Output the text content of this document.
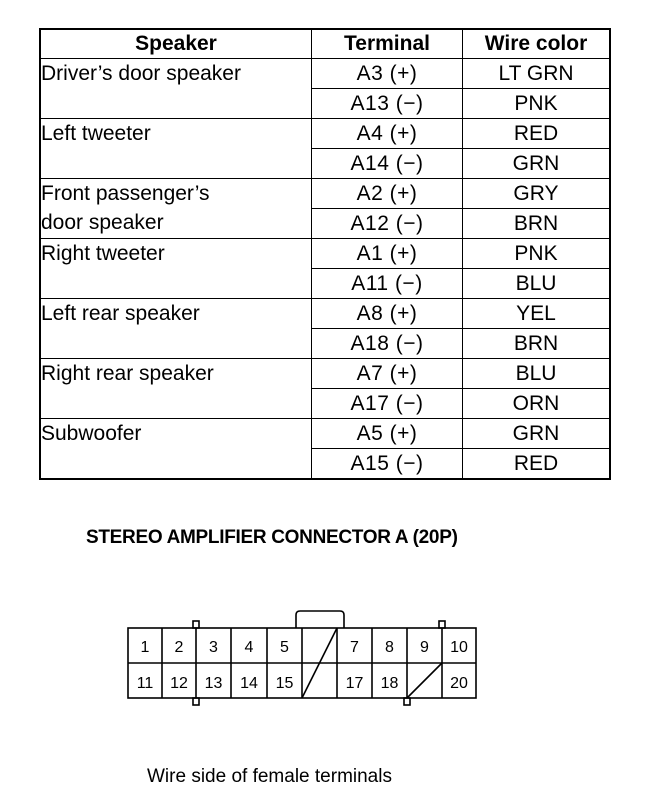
Speaker	Terminal	Wire color

Driver’s door speaker	A3 (+)	LT GRN
	A13 (−)	PNK

Left tweeter	A4 (+)	RED
	A14 (−)	GRN

Front passenger’s
door speaker	A2 (+)	GRY
	A12 (−)	BRN

Right tweeter	A1 (+)	PNK
	A11 (−)	BLU

Left rear speaker	A8 (+)	YEL
	A18 (−)	BRN

Right rear speaker	A7 (+)	BLU
	A17 (−)	ORN

Subwoofer	A5 (+)	GRN
	A15 (−)	RED
STEREO AMPLIFIER CONNECTOR A (20P)
1 2 3 4 5	7 8 9 10
11 12 13 14 15	17 18	20
Wire side of female terminals
